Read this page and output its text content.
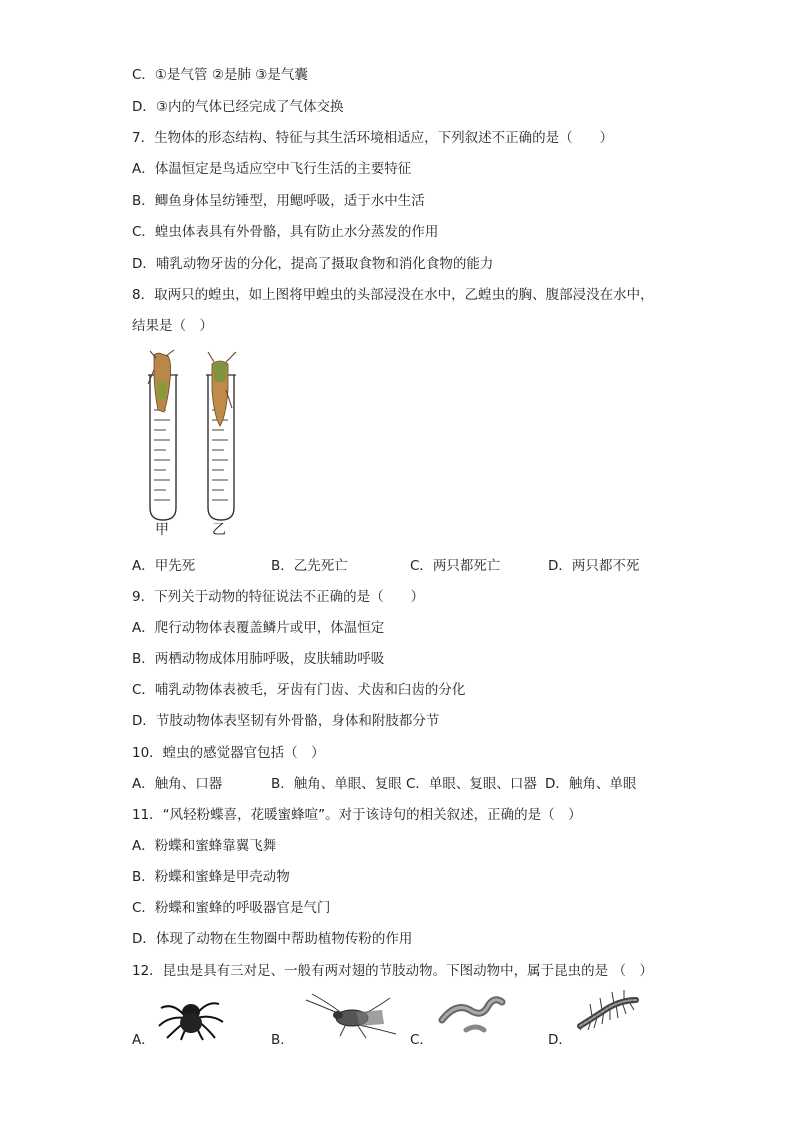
C．①是气管 ②是肺 ③是气囊
D．③内的气体已经完成了气体交换
7．生物体的形态结构、特征与其生活环境相适应，下列叙述不正确的是（　　）
A．体温恒定是鸟适应空中飞行生活的主要特征
B．鲫鱼身体呈纺锤型，用鳃呼吸，适于水中生活
C．蝗虫体表具有外骨骼，具有防止水分蒸发的作用
D．哺乳动物牙齿的分化，提高了摄取食物和消化食物的能力
8．取两只的蝗虫，如上图将甲蝗虫的头部浸没在水中，乙蝗虫的胸、腹部浸没在水中，
结果是（　）
甲	乙
A．甲先死	B．乙先死亡	C．两只都死亡	D．两只都不死
9．下列关于动物的特征说法不正确的是（　　）
A．爬行动物体表覆盖鳞片或甲，体温恒定
B．两栖动物成体用肺呼吸，皮肤辅助呼吸
C．哺乳动物体表被毛，牙齿有门齿、犬齿和臼齿的分化
D．节肢动物体表坚韧有外骨骼，身体和附肢都分节
10．蝗虫的感觉器官包括（　）
A．触角、口器	B．触角、单眼、复眼 C．单眼、复眼、口器 D．触角、单眼
11．“风轻粉蝶喜，花暖蜜蜂喧”。对于该诗句的相关叙述，正确的是（　）
A．粉蝶和蜜蜂靠翼飞舞
B．粉蝶和蜜蜂是甲壳动物
C．粉蝶和蜜蜂的呼吸器官是气门
D．体现了动物在生物圈中帮助植物传粉的作用
12．昆虫是具有三对足、一般有两对翅的节肢动物。下图动物中，属于昆虫的是 （　）
A．	B．	C．	D．
